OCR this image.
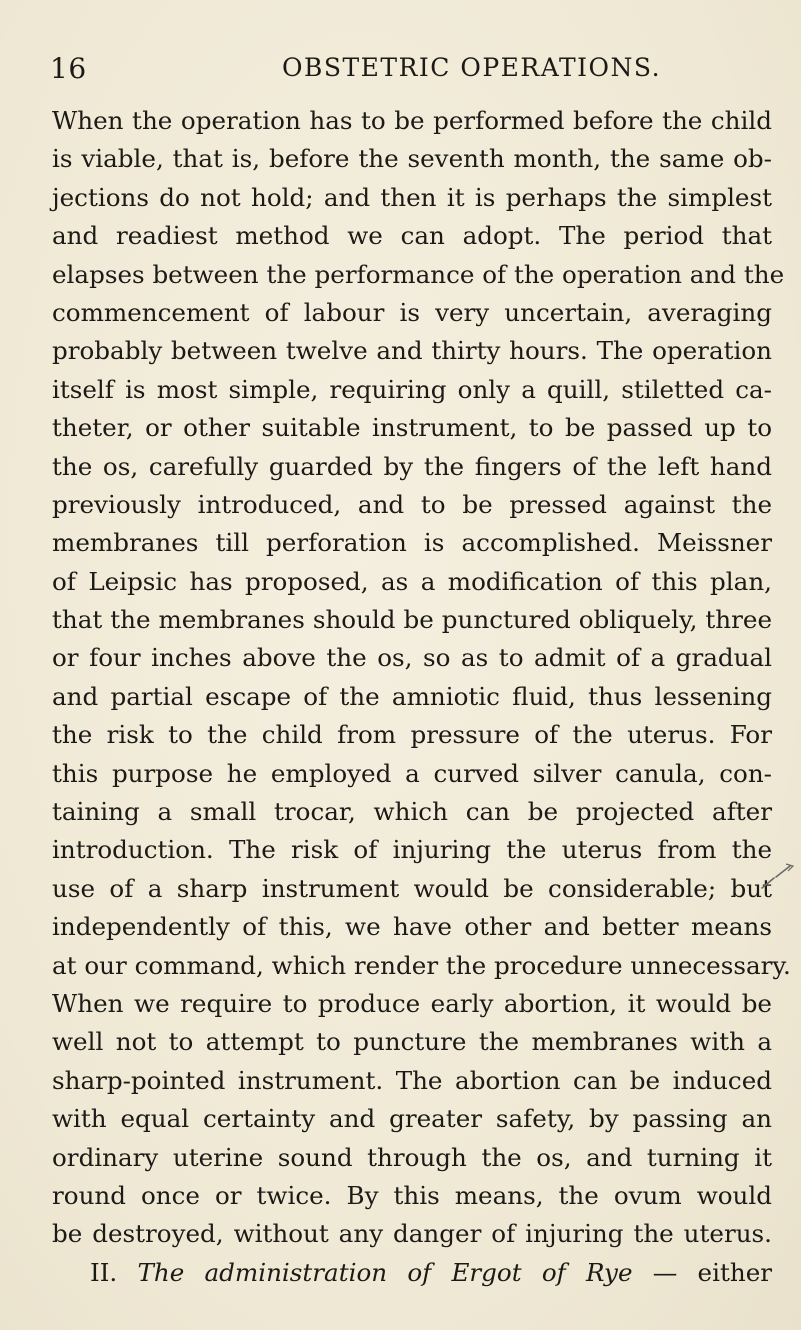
16	OBSTETRIC OPERATIONS.
When the operation has to be performed before the child
is viable, that is, before the seventh month, the same ob-
jections do not hold; and then it is perhaps the simplest
and readiest method we can adopt. The period that
elapses between the performance of the operation and the
commencement of labour is very uncertain, averaging
probably between twelve and thirty hours. The operation
itself is most simple, requiring only a quill, stiletted ca-
theter, or other suitable instrument, to be passed up to
the os, carefully guarded by the fingers of the left hand
previously introduced, and to be pressed against the
membranes till perforation is accomplished. Meissner
of Leipsic has proposed, as a modification of this plan,
that the membranes should be punctured obliquely, three
or four inches above the os, so as to admit of a gradual
and partial escape of the amniotic fluid, thus lessening
the risk to the child from pressure of the uterus. For
this purpose he employed a curved silver canula, con-
taining a small trocar, which can be projected after
introduction. The risk of injuring the uterus from the
use of a sharp instrument would be considerable; but
independently of this, we have other and better means
at our command, which render the procedure unnecessary.
When we require to produce early abortion, it would be
well not to attempt to puncture the membranes with a
sharp-pointed instrument. The abortion can be induced
with equal certainty and greater safety, by passing an
ordinary uterine sound through the os, and turning it
round once or twice. By this means, the ovum would
be destroyed, without any danger of injuring the uterus.
II. The administration of Ergot of Rye — either
